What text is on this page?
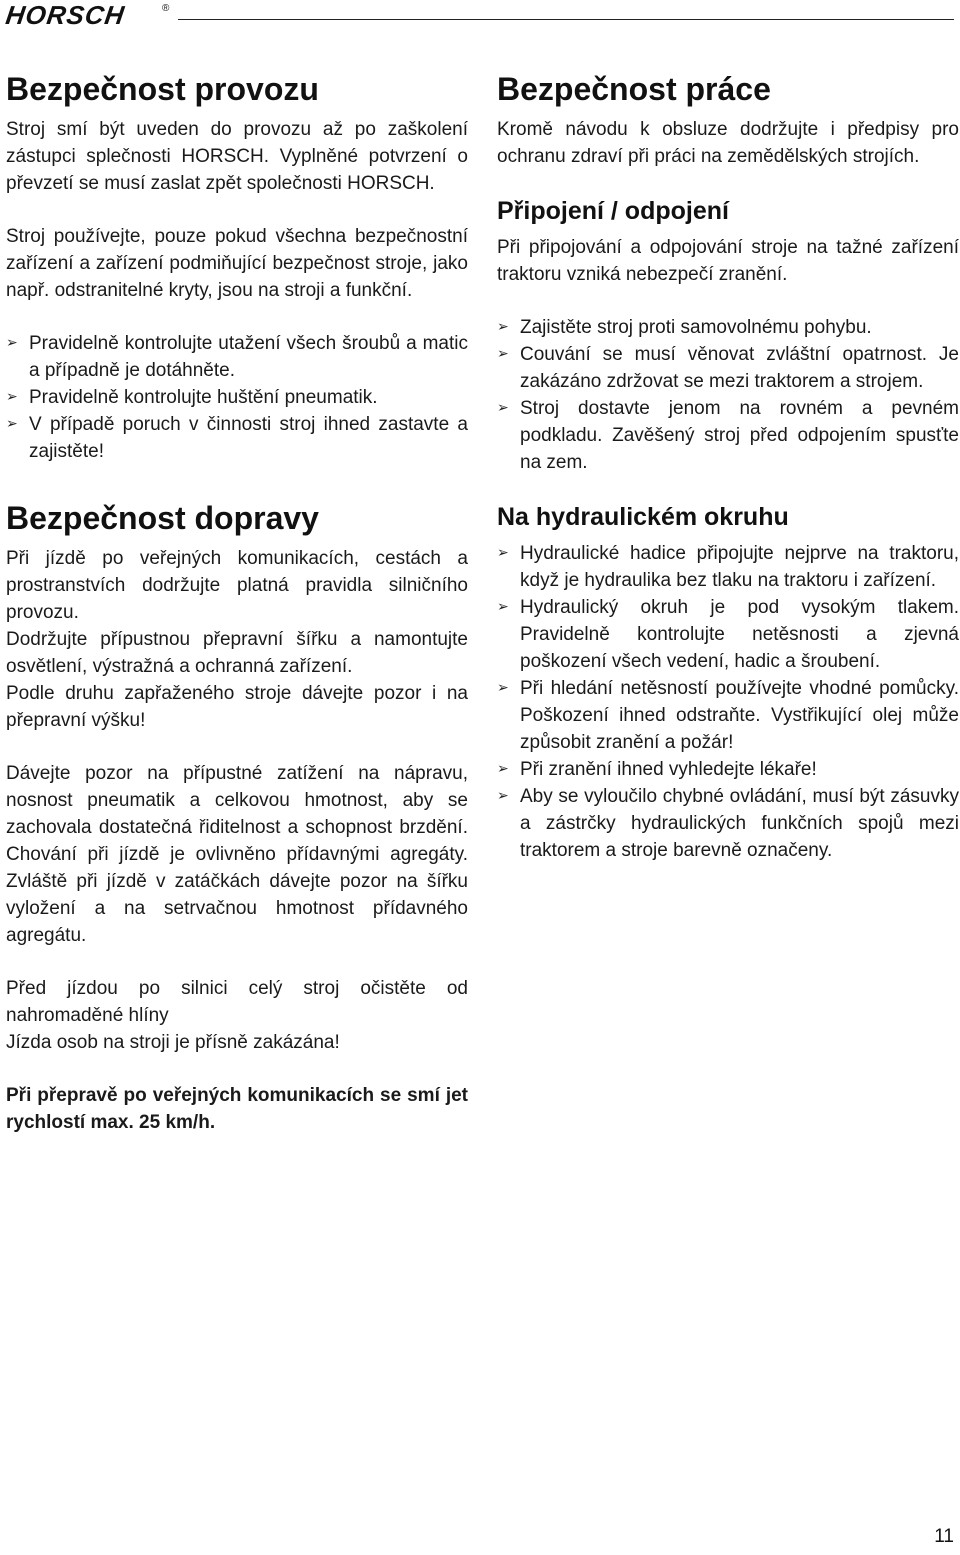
HORSCH	®
Bezpečnost provozu

Stroj smí být uveden do provozu až po zaškolení zástupci splečnosti HORSCH. Vyplněné potvrzení o převzetí se musí zaslat zpět společnosti HORSCH.

Stroj používejte, pouze pokud všechna bezpečnostní zařízení a zařízení podmiňující bezpečnost stroje, jako např. odstranitelné kryty, jsou na stroji a funkční.

➢ Pravidelně kontrolujte utažení všech šroubů a matic a případně je dotáhněte.
➢ Pravidelně kontrolujte huštění pneumatik.
➢ V případě poruch v činnosti stroj ihned zastavte a zajistěte!
Bezpečnost dopravy

Při jízdě po veřejných komunikacích, cestách a prostranstvích dodržujte platná pravidla silničního provozu.

Dodržujte přípustnou přepravní šířku a namontujte osvětlení, výstražná a ochranná zařízení.

Podle druhu zapřaženého stroje dávejte pozor i na přepravní výšku!

Dávejte pozor na přípustné zatížení na nápravu, nosnost pneumatik a celkovou hmotnost, aby se zachovala dostatečná řiditelnost a schopnost brzdění. Chování při jízdě je ovlivněno přídavnými agregáty. Zvláště při jízdě v zatáčkách dávejte pozor na šířku vyložení a na setrvačnou hmotnost přídavného agregátu.

Před jízdou po silnici celý stroj očistěte od nahromaděné hlíny

Jízda osob na stroji je přísně zakázána!

Při přepravě po veřejných komunikacích se smí jet rychlostí max. 25 km/h.

Bezpečnost práce

Kromě návodu k obsluze dodržujte i předpisy pro ochranu zdraví při práci na zemědělských strojích.

Připojení / odpojení

Při připojování a odpojování stroje na tažné zařízení traktoru vzniká nebezpečí zranění.

➢ Zajistěte stroj proti samovolnému pohybu.
➢ Couvání se musí věnovat zvláštní opatrnost. Je zakázáno zdržovat se mezi traktorem a strojem.
➢ Stroj dostavte jenom na rovném a pevném podkladu. Zavěšený stroj před odpojením spusťte na zem.
Na hydraulickém okruhu
➢ Hydraulické hadice připojujte nejprve na traktoru, když je hydraulika bez tlaku na traktoru i zařízení.
➢ Hydraulický okruh je pod vysokým tlakem. Pravidelně kontrolujte netěsnosti a zjevná poškození všech vedení, hadic a šroubení.
➢ Při hledání netěsností používejte vhodné pomůcky. Poškození ihned odstraňte. Vystřikující olej může způsobit zranění a požár!
➢ Při zranění ihned vyhledejte lékaře!
➢ Aby se vyloučilo chybné ovládání, musí být zásuvky a zástrčky hydraulických funkčních spojů mezi traktorem a stroje barevně označeny.
11
